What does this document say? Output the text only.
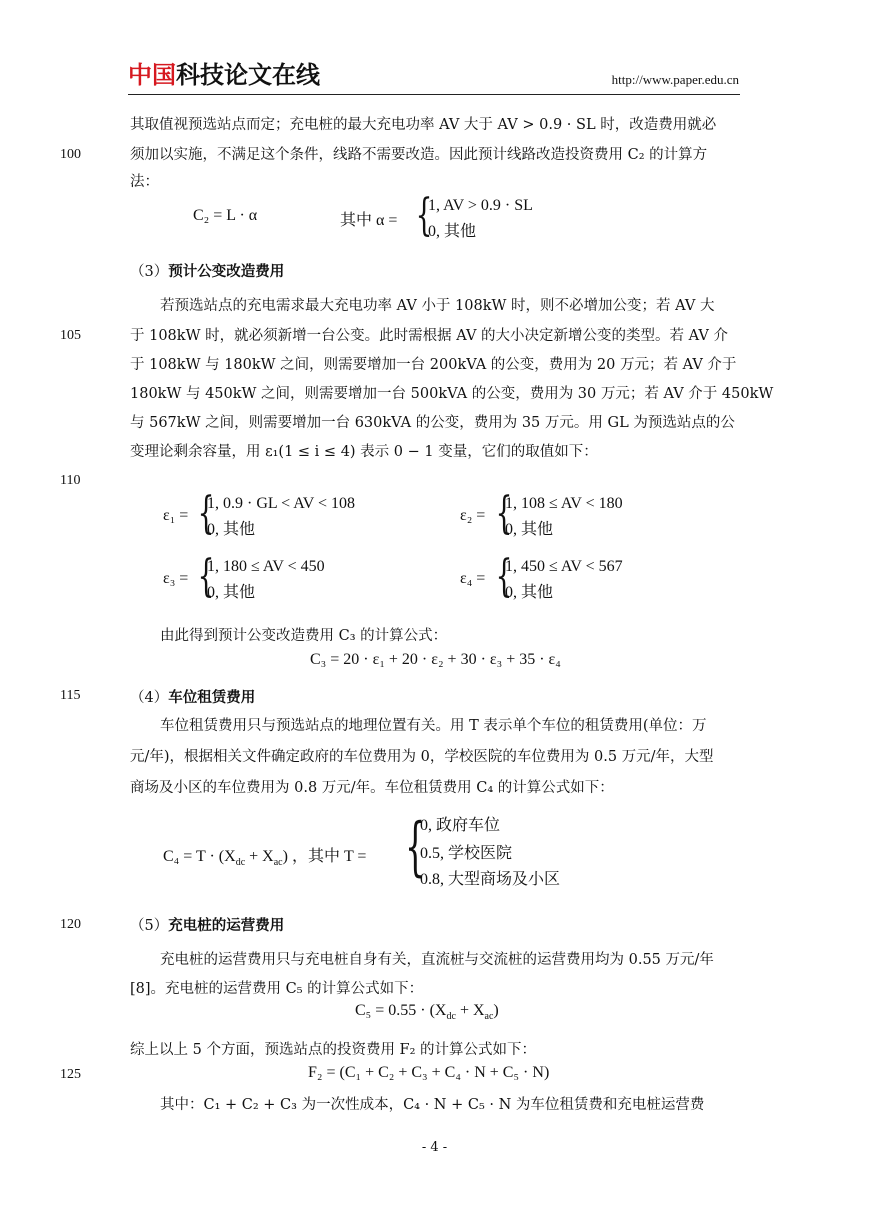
中国科技论文在线	http://www.paper.edu.cn
100
105
110
115
120
125
其取值视预选站点而定；充电桩的最大充电功率 AV 大于 AV > 0.9 · SL 时，改造费用就必
须加以实施，不满足这个条件，线路不需要改造。因此预计线路改造投资费用 C₂ 的计算方
法：
C₂ = L · α	其中 α = {
1, AV > 0.9 · SL
0, 其他
（3）预计公变改造费用
若预选站点的充电需求最大充电功率 AV 小于 108kW 时，则不必增加公变；若 AV 大
于 108kW 时，就必须新增一台公变。此时需根据 AV 的大小决定新增公变的类型。若 AV 介
于 108kW 与 180kW 之间，则需要增加一台 200kVA 的公变，费用为 20 万元；若 AV 介于
180kW 与 450kW 之间，则需要增加一台 500kVA 的公变，费用为 30 万元；若 AV 介于 450kW
与 567kW 之间，则需要增加一台 630kVA 的公变，费用为 35 万元。用 GL 为预选站点的公
变理论剩余容量，用 ε₁(1 ≤ i ≤ 4) 表示 0 − 1 变量，它们的取值如下：
ε₁ = {
1, 0.9 · GL < AV < 108
0, 其他
ε₂ = {
1, 108 ≤ AV < 180
0, 其他
ε₃ = {
1, 180 ≤ AV < 450
0, 其他
ε₄ = {
1, 450 ≤ AV < 567
0, 其他
由此得到预计公变改造费用 C₃ 的计算公式：
C₃ = 20 · ε₁ + 20 · ε₂ + 30 · ε₃ + 35 · ε₄
（4）车位租赁费用
车位租赁费用只与预选站点的地理位置有关。用 T 表示单个车位的租赁费用(单位：万
元/年)，根据相关文件确定政府的车位费用为 0，学校医院的车位费用为 0.5 万元/年，大型
商场及小区的车位费用为 0.8 万元/年。车位租赁费用 C₄ 的计算公式如下：
$C_4 = T \cdot (X_{dc} + X_{ac})$ ，其中 T = {
0, 政府车位
0.5, 学校医院
0.8, 大型商场及小区
（5）充电桩的运营费用
充电桩的运营费用只与充电桩自身有关，直流桩与交流桩的运营费用均为 0.55 万元/年
[8]。充电桩的运营费用 C₅ 的计算公式如下：
$C_5 = 0.55 \cdot (X_{dc} + X_{ac})$
综上以上 5 个方面，预选站点的投资费用 F₂ 的计算公式如下：
F₂ = (C₁ + C₂ + C₃ + C₄ · N + C₅ · N)
其中：C₁ + C₂ + C₃ 为一次性成本，C₄ · N + C₅ · N 为车位租赁费和充电桩运营费
- 4 -
